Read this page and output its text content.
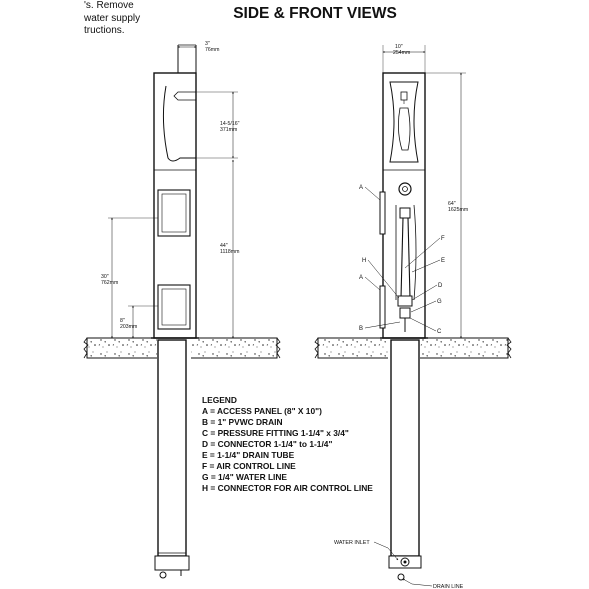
SIDE & FRONT VIEWS
's. Remove
water supply
tructions.
3"
76mm
14-5/16"
371mm
44"
1118mm
30"
762mm
8"
203mm
10"
254mm
64"
1625mm
A
A
H
B
F
E
D
G
C
WATER INLET
DRAIN LINE
LEGEND
A = ACCESS PANEL (8" X 10")
B = 1" PVWC DRAIN
C = PRESSURE FITTING 1-1/4" x 3/4"
D = CONNECTOR 1-1/4" to 1-1/4"
E = 1-1/4" DRAIN TUBE
F = AIR CONTROL LINE
G = 1/4" WATER LINE
H = CONNECTOR FOR AIR CONTROL LINE
